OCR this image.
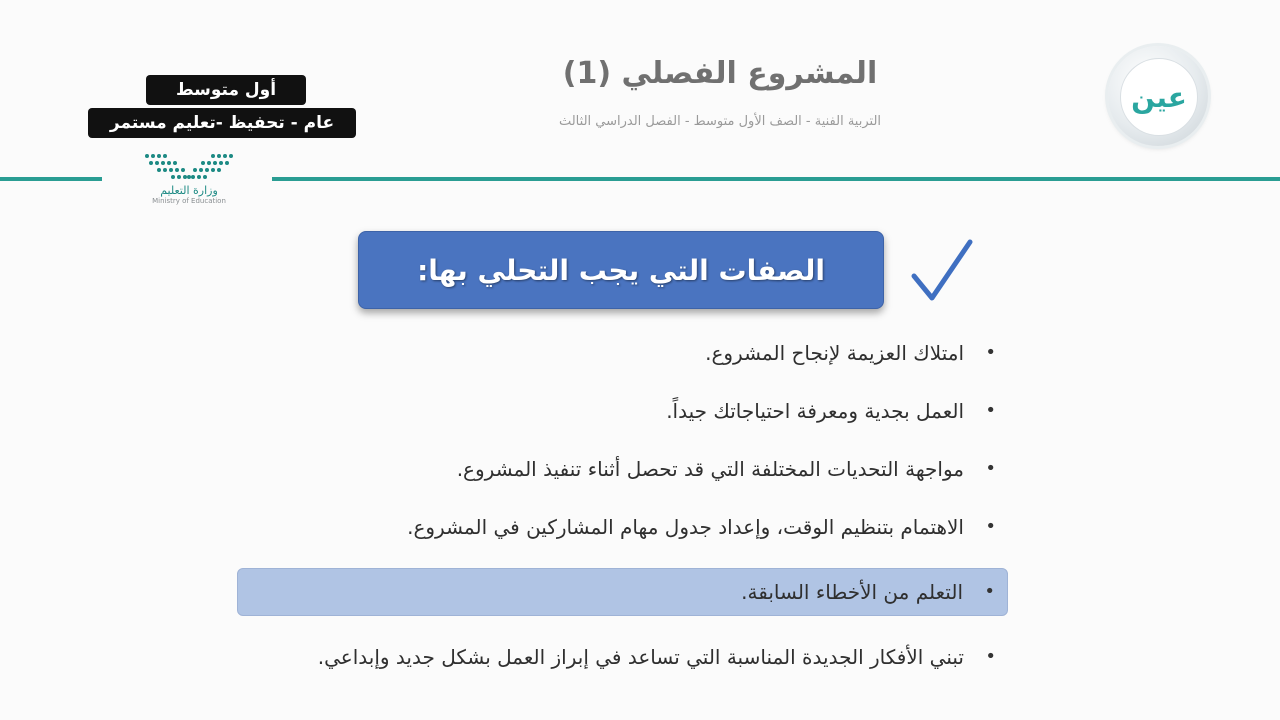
المشروع الفصلي (1)
التربية الفنية - الصف الأول متوسط - الفصل الدراسي الثالث
عين
أول متوسط
عام - تحفيظ -تعليم مستمر
وزارة التعليم
Ministry of Education
الصفات التي يجب التحلي بها:
•
امتلاك العزيمة لإنجاح المشروع.
•
العمل بجدية ومعرفة احتياجاتك جيداً.
•
مواجهة التحديات المختلفة التي قد تحصل أثناء تنفيذ المشروع.
•
الاهتمام بتنظيم الوقت، وإعداد جدول مهام المشاركين في المشروع.
•
التعلم من الأخطاء السابقة.
•
تبني الأفكار الجديدة المناسبة التي تساعد في إبراز العمل بشكل جديد وإبداعي.
